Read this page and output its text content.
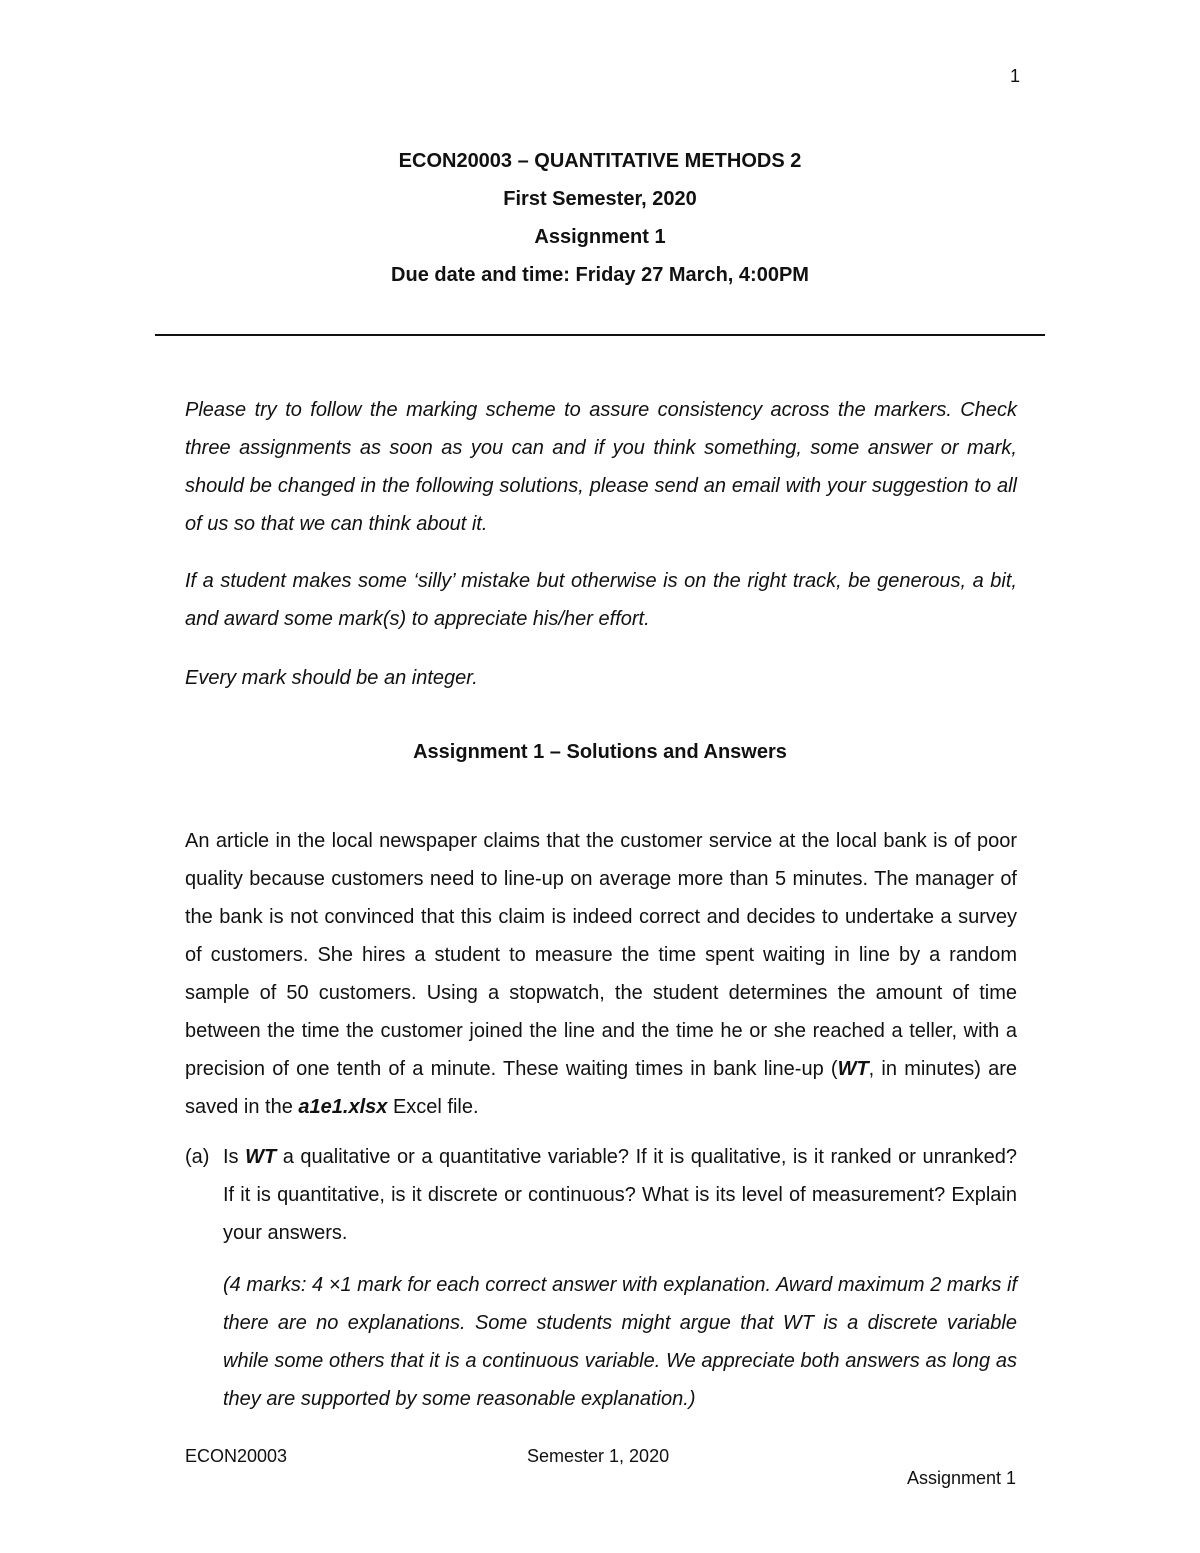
1
ECON20003 – QUANTITATIVE METHODS 2
First Semester, 2020
Assignment 1
Due date and time: Friday 27 March, 4:00PM

Please try to follow the marking scheme to assure consistency across the markers. Check three assignments as soon as you can and if you think something, some answer or mark, should be changed in the following solutions, please send an email with your suggestion to all of us so that we can think about it.

If a student makes some ‘silly’ mistake but otherwise is on the right track, be generous, a bit, and award some mark(s) to appreciate his/her effort.

Every mark should be an integer.

Assignment 1 – Solutions and Answers

An article in the local newspaper claims that the customer service at the local bank is of poor quality because customers need to line-up on average more than 5 minutes. The manager of the bank is not convinced that this claim is indeed correct and decides to undertake a survey of customers. She hires a student to measure the time spent waiting in line by a random sample of 50 customers. Using a stopwatch, the student determines the amount of time between the time the customer joined the line and the time he or she reached a teller, with a precision of one tenth of a minute. These waiting times in bank line-up (WT, in minutes) are saved in the a1e1.xlsx Excel file.

(a) Is WT a qualitative or a quantitative variable? If it is qualitative, is it ranked or unranked? If it is quantitative, is it discrete or continuous? What is its level of measurement? Explain your answers.

(4 marks: 4 ×1 mark for each correct answer with explanation. Award maximum 2 marks if there are no explanations. Some students might argue that WT is a discrete variable while some others that it is a continuous variable. We appreciate both answers as long as they are supported by some reasonable explanation.)

ECON20003	Semester 1, 2020
Assignment 1
